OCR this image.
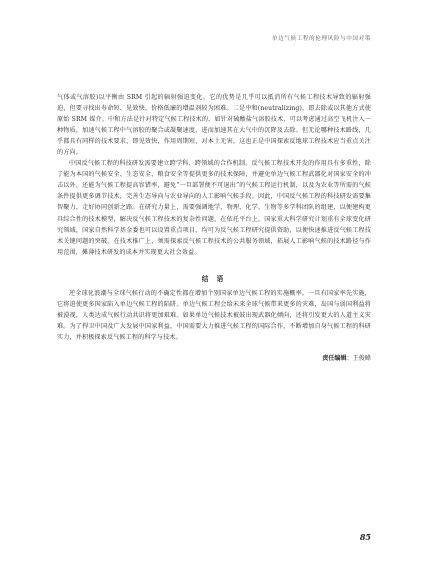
单边气候工程的伦理风险与中国对策

气体或气溶胶)以平衡由 SRM 引起的辐射强迫变化。它的优势是几乎可以抵消所有气候工程技术导致的辐射强迫，但要寻找出寿命短、见效快、价格低廉的增温剂较为困难。二是中和(neutralizing)，即去除或以其他方式使原始 SRM 媒介。中和方法是针对特定气候工程技术的，如针对硫酸盐气溶胶技术，可以考虑通过高空飞机注入一种物质，加速气候工程中气溶胶的聚合或凝聚速度，进而加速其在大气中的沉降及去除。但无论哪种技术路线，几乎都具有同样的技术要求，即见效快，作用周期短，对本土无害，这也正是中国探索反地球工程技术应当重点关注的方向。

中国反气候工程的科技研发需要建立跨学科、跨领域的合作机制。反气候工程技术开发的作用具有多重性，除了能为本国的气候安全、生态安全、粮食安全等提供更多的技术保障，并避免单边气候工程武器化对国家安全的冲击以外，还能为气候工程提高容错率，避免“一旦部署便不可退出”的气候工程运行机制，以及为农业等所需的气候条件提供更多调节技术，完善生态导向与农业导向的人工影响气候手段。因此，中国反气候工程的科技研发需要集智聚力，走好协同创新之路。在研究力量上，需要强调地学、物理、化学、生物等多学科团队的组建，以便建构更具综合性的技术模型，解决反气候工程技术的复杂性问题。在依托平台上，国家重大科学研究计划重有全球变化研究领域，国家自然科学基金委也可以设置重点项目，均可为反气候工程研究提供资助，以便快速推进反气候工程技术关键问题的突破。在技术推广上，须需探索反气候工程技术的公共服务领域，拓展人工影响气候的技术路径与作用范围，摊薄技术研发的成本并实现更大社会效益。

结 语

逆全球化浪潮与全球气候行动的不确定性都在增加个别国家单边气候工程的实施概率。一旦有国家率先实施，它将迫使更多国家陷入单边气候工程的陷阱。单边气候工程会给未来全球气候带来更多的灾难，岛国与弱国利益将被漠视，人类达成气候行动共识将更加艰难。如果单边气候技术被鼓出现武器化倾向，还将引发更大的人道主义灾难。为了捍卫中国及广大发展中国家利益，中国需要大力推进气候工程的国际合作，不断增加自身气候工程的科研实力，并积极探索反气候工程的科学与技术。

责任编辑：王俊暐
85
